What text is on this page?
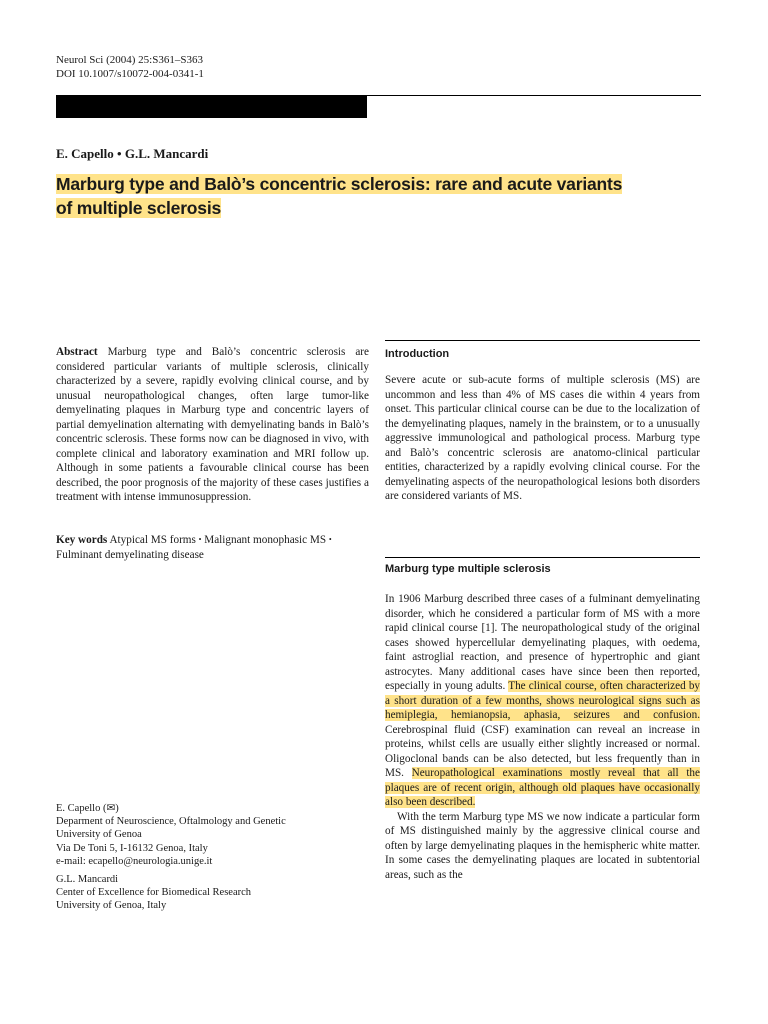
Neurol Sci (2004) 25:S361–S363
DOI 10.1007/s10072-004-0341-1
E. Capello • G.L. Mancardi
Marburg type and Balò’s concentric sclerosis: rare and acute variants
of multiple sclerosis
Abstract Marburg type and Balò’s concentric sclerosis are considered particular variants of multiple sclerosis, clinically characterized by a severe, rapidly evolving clinical course, and by unusual neuropathological changes, often large tumor-like demyelinating plaques in Marburg type and concentric layers of partial demyelination alternating with demyelinating bands in Balò’s concentric sclerosis. These forms now can be diagnosed in vivo, with complete clinical and laboratory examination and MRI follow up. Although in some patients a favourable clinical course has been described, the poor prognosis of the majority of these cases justifies a treatment with intense immunosuppression.
Key words Atypical MS forms • Malignant monophasic MS •
Fulminant demyelinating disease
E. Capello (✉)
Deparment of Neuroscience, Oftalmology and Genetic
University of Genoa
Via De Toni 5, I-16132 Genoa, Italy
e-mail: ecapello@neurologia.unige.it
G.L. Mancardi
Center of Excellence for Biomedical Research
University of Genoa, Italy
Introduction
Severe acute or sub-acute forms of multiple sclerosis (MS) are uncommon and less than 4% of MS cases die within 4 years from onset. This particular clinical course can be due to the localization of the demyelinating plaques, namely in the brainstem, or to a unusually aggressive immunological and pathological process. Marburg type and Balò’s concentric sclerosis are anatomo-clinical particular entities, characterized by a rapidly evolving clinical course. For the demyelinating aspects of the neuropathological lesions both disorders are considered variants of MS.
Marburg type multiple sclerosis

In 1906 Marburg described three cases of a fulminant demyelinating disorder, which he considered a particular form of MS with a more rapid clinical course [1]. The neuropathological study of the original cases showed hypercellular demyelinating plaques, with oedema, faint astroglial reaction, and presence of hypertrophic and giant astrocytes. Many additional cases have since been then reported, especially in young adults. The clinical course, often characterized by a short duration of a few months, shows neurological signs such as hemiplegia, hemianopsia, aphasia, seizures and confusion. Cerebrospinal fluid (CSF) examination can reveal an increase in proteins, whilst cells are usually either slightly increased or normal. Oligoclonal bands can be also detected, but less frequently than in MS. Neuropathological examinations mostly reveal that all the plaques are of recent origin, although old plaques have occasionally also been described.

With the term Marburg type MS we now indicate a particular form of MS distinguished mainly by the aggressive clinical course and often by large demyelinating plaques in the hemispheric white matter. In some cases the demyelinating plaques are located in subtentorial areas, such as the
